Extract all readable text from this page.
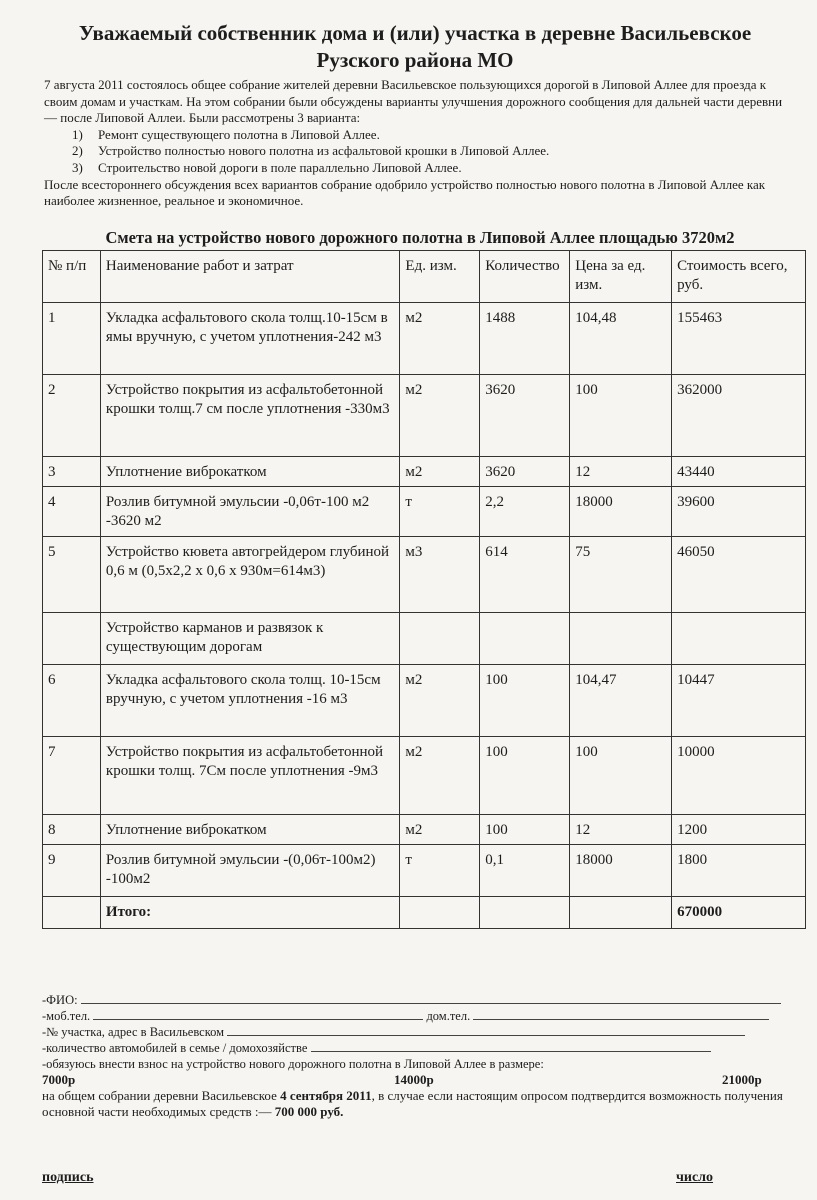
Уважаемый собственник дома и (или) участка в деревне Васильевское
Рузского района МО
7 августа 2011 состоялось общее собрание жителей деревни Васильевское пользующихся дорогой в Липовой Аллее для проезда к своим домам и участкам. На этом собрании были обсуждены варианты улучшения дорожного сообщения для дальней части деревни — после Липовой Аллеи. Были рассмотрены 3 варианта:
1) Ремонт существующего полотна в Липовой Аллее.
2) Устройство полностью нового полотна из асфальтовой крошки в Липовой Аллее.
3) Строительство новой дороги в поле параллельно Липовой Аллее.
После всестороннего обсуждения всех вариантов собрание одобрило устройство полностью нового полотна в Липовой Аллее как наиболее жизненное, реальное и экономичное.
Смета на устройство нового дорожного полотна в Липовой Аллее площадью 3720м2
№ п/п	Наименование работ и затрат	Ед. изм.	Количество	Цена за ед. изм.	Стоимость всего, руб.
1	Укладка асфальтового скола толщ.10-15см в ямы вручную, с учетом уплотнения-242 м3	м2	1488	104,48	155463
2	Устройство покрытия из асфальтобетонной крошки толщ.7 см после уплотнения -330м3	м2	3620	100	362000
3	Уплотнение виброкатком	м2	3620	12	43440
4	Розлив битумной эмульсии -0,06т-100 м2 -3620 м2	т	2,2	18000	39600
5	Устройство кювета автогрейдером глубиной 0,6 м (0,5х2,2 х 0,6 х 930м=614м3)	м3	614	75	46050
	Устройство карманов и развязок к существующим дорогам				
6	Укладка асфальтового скола толщ. 10-15см вручную, с учетом уплотнения -16 м3	м2	100	104,47	10447
7	Устройство покрытия из асфальтобетонной крошки толщ. 7См после уплотнения -9м3	м2	100	100	10000
8	Уплотнение виброкатком	м2	100	12	1200
9	Розлив битумной эмульсии -(0,06т-100м2) -100м2	т	0,1	18000	1800
	Итого:				670000
-ФИО:
-моб.тел.	дом.тел.
-№ участка, адрес в Васильевском
-количество автомобилей в семье / домохозяйстве
-обязуюсь внести взнос на устройство нового дорожного полотна в Липовой Аллее в размере:
7000р	14000р	21000р
на общем собрании деревни Васильевское 4 сентября 2011, в случае если настоящим опросом подтвердится возможность получения основной части необходимых средств :— 700 000 руб.
подпись	число
